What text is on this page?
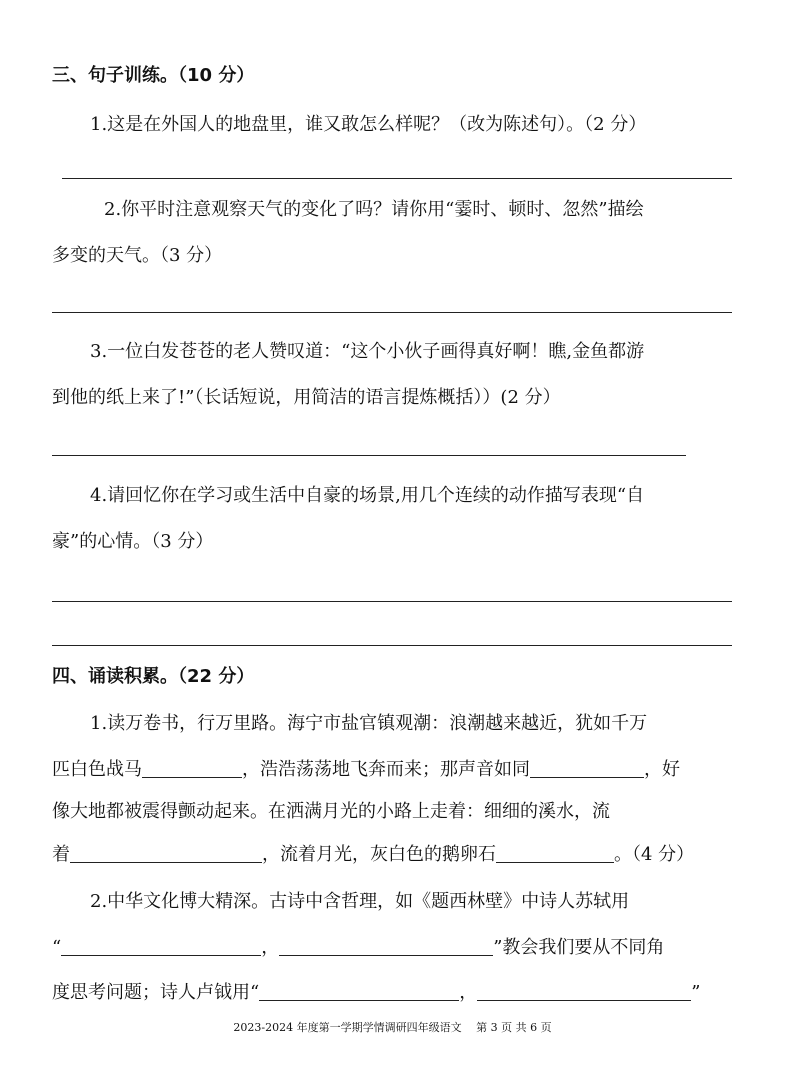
三、句子训练。（10 分）
1.这是在外国人的地盘里，谁又敢怎么样呢？（改为陈述句）。（2 分）
2.你平时注意观察天气的变化了吗？请你用“霎时、顿时、忽然”描绘
多变的天气。（3 分）
3.一位白发苍苍的老人赞叹道：“这个小伙子画得真好啊！瞧,金鱼都游
到他的纸上来了!”（长话短说，用简洁的语言提炼概括））(2 分）
4.请回忆你在学习或生活中自豪的场景,用几个连续的动作描写表现“自
豪”的心情。（3 分）
四、诵读积累。（22 分）
1.读万卷书，行万里路。海宁市盐官镇观潮：浪潮越来越近，犹如千万
匹白色战马	，浩浩荡荡地飞奔而来；那声音如同	，好
像大地都被震得颤动起来。在洒满月光的小路上走着：细细的溪水，流
着	，流着月光，灰白色的鹅卵石	。（4 分）
2.中华文化博大精深。古诗中含哲理，如《题西林壁》中诗人苏轼用
“	，	”教会我们要从不同角
度思考问题；诗人卢钺用“	，	”
2023-2024 年度第一学期学情调研四年级语文　 第 3 页 共 6 页
